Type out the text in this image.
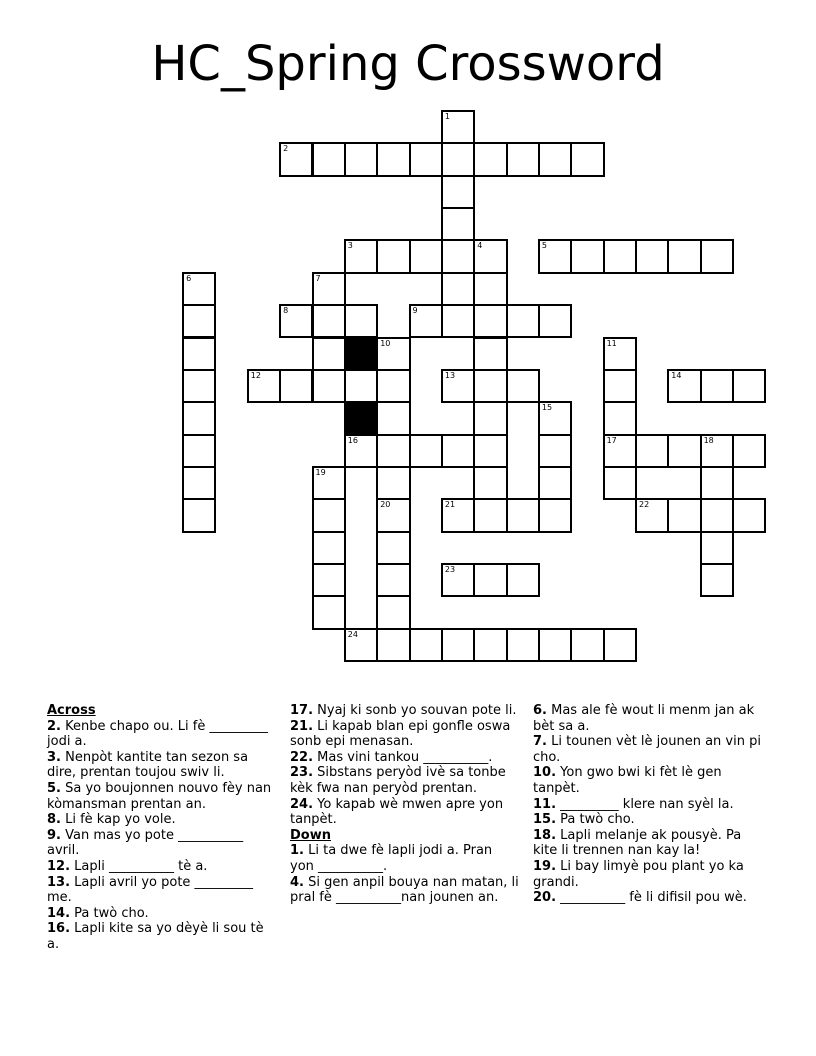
HC_Spring Crossword
1
2
3	4	5
6	7
8	9
10	11
17
12	13	14
15
16	18
19
20	21	22
23
24
Across
2. Kenbe chapo ou. Li fè _________ jodi a.
3. Nenpòt kantite tan sezon sa dire, prentan toujou swiv li.
5. Sa yo boujonnen nouvo fèy nan kòmansman prentan an.
8. Li fè kap yo vole.
9. Van mas yo pote __________ avril.
12. Lapli __________ tè a.
13. Lapli avril yo pote _________ me.
14. Pa twò cho.
16. Lapli kite sa yo dèyè li sou tè a.
17. Nyaj ki sonb yo souvan pote li.
21. Li kapab blan epi gonfle oswa sonb epi menasan.
22. Mas vini tankou __________.
23. Sibstans peryòd ivè sa tonbe kèk fwa nan peryòd prentan.
24. Yo kapab wè mwen apre yon tanpèt.
Down
1. Li ta dwe fè lapli jodi a. Pran yon __________.
4. Si gen anpil bouya nan matan, li pral fè __________nan jounen an.
6. Mas ale fè wout li menm jan ak bèt sa a.
7. Li tounen vèt lè jounen an vin pi cho.
10. Yon gwo bwi ki fèt lè gen tanpèt.
11. _________ klere nan syèl la.
15. Pa twò cho.
18. Lapli melanje ak pousyè. Pa kite li trennen nan kay la!
19. Li bay limyè pou plant yo ka grandi.
20. __________ fè li difisil pou wè.
